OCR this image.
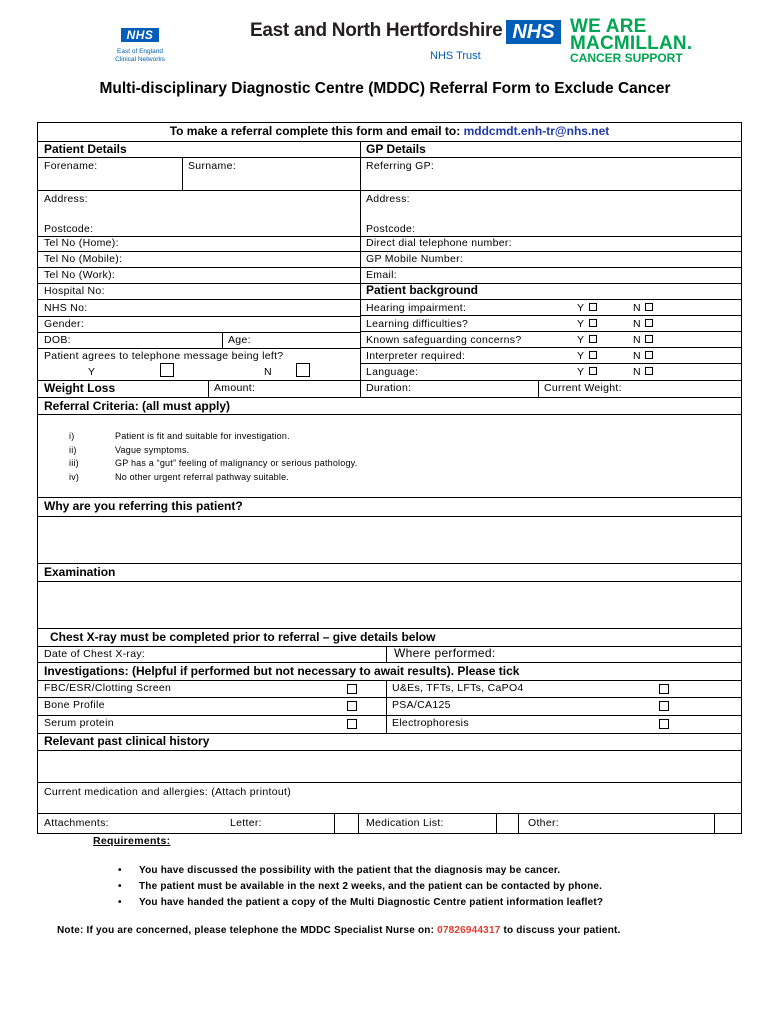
NHS
East of England
Clinical Networks
East and North Hertfordshire NHS
NHS Trust
WE ARE
MACMILLAN.
CANCER SUPPORT
Multi-disciplinary Diagnostic Centre (MDDC) Referral Form to Exclude Cancer
To make a referral complete this form and email to: mddcmdt.enh-tr@nhs.net
Patient Details	GP Details
Forename:	Surname:	Referring GP:
Address:	Address:
Postcode:	Postcode:
Tel No (Home):	Direct dial telephone number:
Tel No (Mobile):	GP Mobile Number:
Tel No (Work):	Email:
Hospital No:	Patient background
NHS No:
Gender:
DOB:	Age:
Patient agrees to telephone message being left?
Y	N
Hearing impairment:	Y	N
Learning difficulties?	Y	N
Known safeguarding concerns?	Y	N
Interpreter required:	Y	N
Language:	Y	N
Weight Loss	Amount:	Duration:	Current Weight:
Referral Criteria: (all must apply)
i)	Patient is fit and suitable for investigation.
ii)	Vague symptoms.
iii)	GP has a “gut” feeling of malignancy or serious pathology.
iv)	No other urgent referral pathway suitable.
Why are you referring this patient?
Examination
Chest X-ray must be completed prior to referral – give details below
Date of Chest X-ray:	Where performed:
Investigations: (Helpful if performed but not necessary to await results). Please tick
FBC/ESR/Clotting Screen	U&Es, TFTs, LFTs, CaPO4
Bone Profile	PSA/CA125
Serum protein	Electrophoresis
Relevant past clinical history
Current medication and allergies: (Attach printout)
Attachments:	Letter:	Medication List:	Other:
Requirements:
• You have discussed the possibility with the patient that the diagnosis may be cancer.
• The patient must be available in the next 2 weeks, and the patient can be contacted by phone.
• You have handed the patient a copy of the Multi Diagnostic Centre patient information leaflet?
Note: If you are concerned, please telephone the MDDC Specialist Nurse on: 07826944317 to discuss your patient.
